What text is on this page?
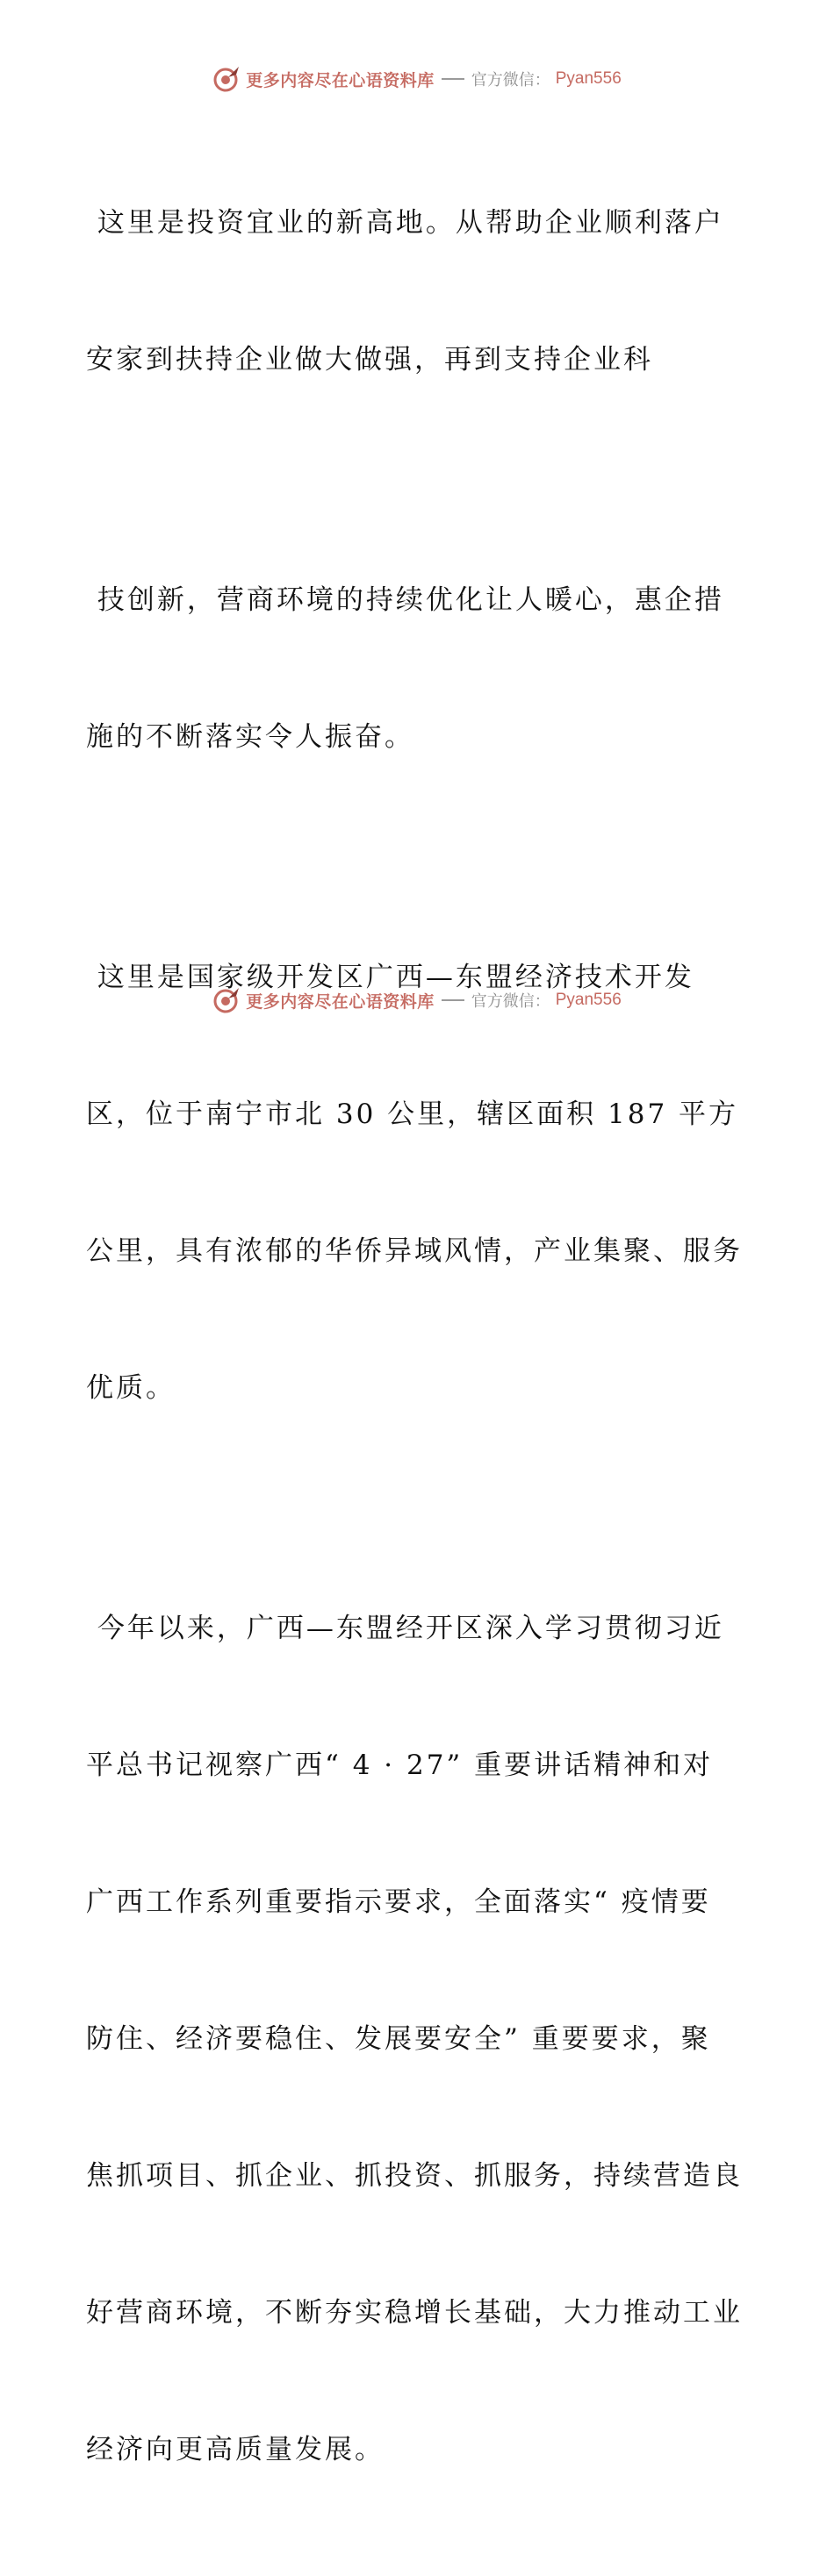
更多内容尽在心语资料库 官方微信： Pyan556

这里是投资宜业的新高地。从帮助企业顺利落户

安家到扶持企业做大做强，再到支持企业科

技创新，营商环境的持续优化让人暖心，惠企措

施的不断落实令人振奋。

这里是国家级开发区广西—东盟经济技术开发

区，位于南宁市北 30 公里，辖区面积 187 平方

公里，具有浓郁的华侨异域风情，产业集聚、服务

优质。

今年以来，广西—东盟经开区深入学习贯彻习近

平总书记视察广西“ 4 · 27” 重要讲话精神和对

广西工作系列重要指示要求，全面落实“ 疫情要

防住、经济要稳住、发展要安全” 重要要求，聚

焦抓项目、抓企业、抓投资、抓服务，持续营造良

好营商环境，不断夯实稳增长基础，大力推动工业

经济向更高质量发展。

更多内容尽在心语资料库 官方微信： Pyan556
